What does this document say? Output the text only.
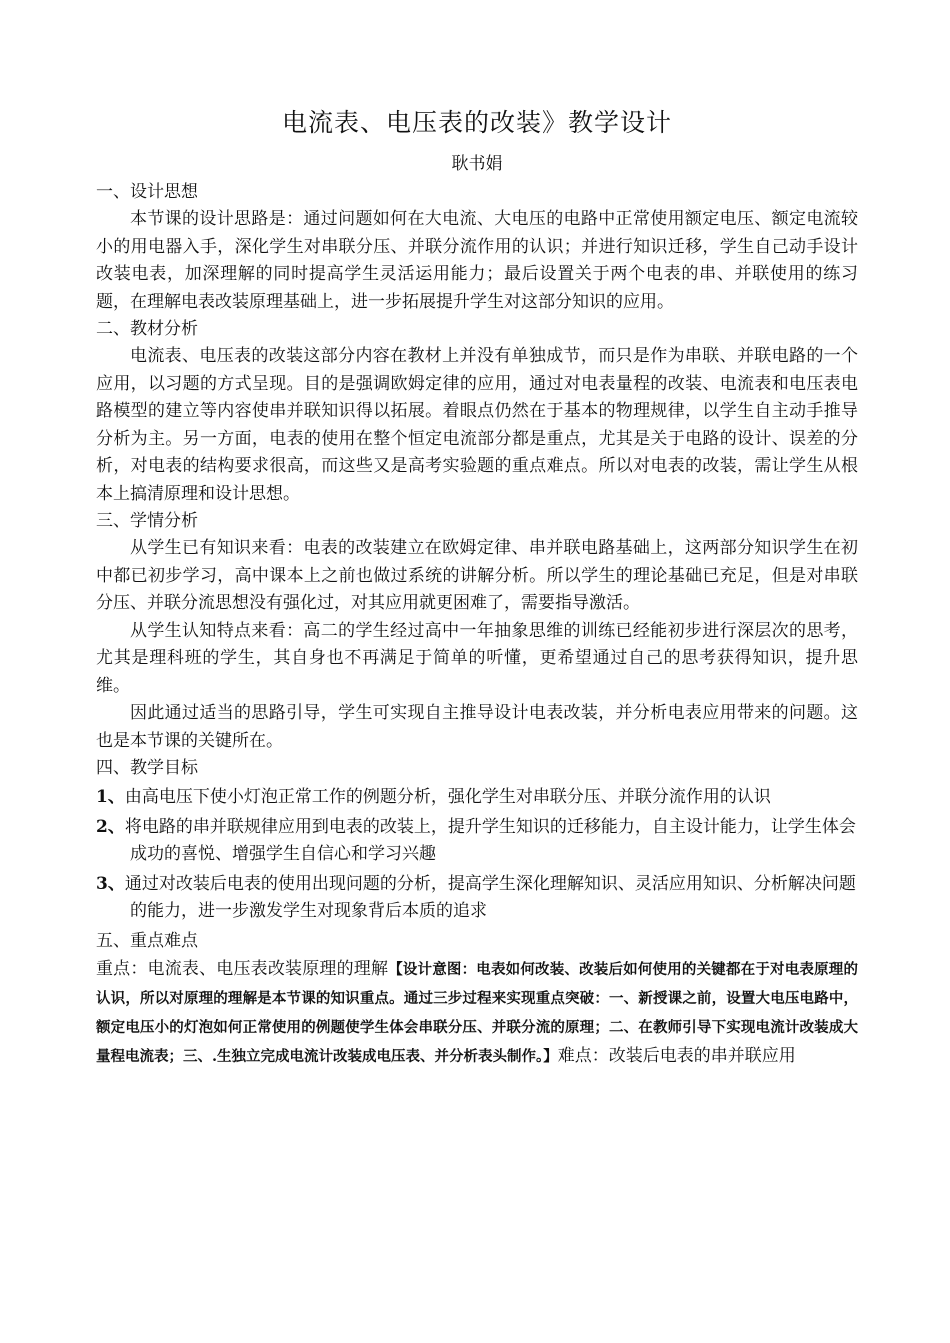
电流表、电压表的改装》教学设计
耿书娟
一、设计思想

本节课的设计思路是：通过问题如何在大电流、大电压的电路中正常使用额定电压、额定电流较小的用电器入手，深化学生对串联分压、并联分流作用的认识；并进行知识迁移，学生自己动手设计改装电表，加深理解的同时提高学生灵活运用能力；最后设置关于两个电表的串、并联使用的练习题，在理解电表改装原理基础上，进一步拓展提升学生对这部分知识的应用。

二、教材分析

电流表、电压表的改装这部分内容在教材上并没有单独成节，而只是作为串联、并联电路的一个应用，以习题的方式呈现。目的是强调欧姆定律的应用，通过对电表量程的改装、电流表和电压表电路模型的建立等内容使串并联知识得以拓展。着眼点仍然在于基本的物理规律，以学生自主动手推导分析为主。另一方面，电表的使用在整个恒定电流部分都是重点，尤其是关于电路的设计、误差的分析，对电表的结构要求很高，而这些又是高考实验题的重点难点。所以对电表的改装，需让学生从根本上搞清原理和设计思想。

三、学情分析

从学生已有知识来看：电表的改装建立在欧姆定律、串并联电路基础上，这两部分知识学生在初中都已初步学习，高中课本上之前也做过系统的讲解分析。所以学生的理论基础已充足，但是对串联分压、并联分流思想没有强化过，对其应用就更困难了，需要指导激活。

从学生认知特点来看：高二的学生经过高中一年抽象思维的训练已经能初步进行深层次的思考，尤其是理科班的学生，其自身也不再满足于简单的听懂，更希望通过自己的思考获得知识，提升思维。

因此通过适当的思路引导，学生可实现自主推导设计电表改装，并分析电表应用带来的问题。这也是本节课的关键所在。

四、教学目标
1、由高电压下使小灯泡正常工作的例题分析，强化学生对串联分压、并联分流作用的认识
2、将电路的串并联规律应用到电表的改装上，提升学生知识的迁移能力，自主设计能力，让学生体会成功的喜悦、增强学生自信心和学习兴趣
3、通过对改装后电表的使用出现问题的分析，提高学生深化理解知识、灵活应用知识、分析解决问题的能力，进一步激发学生对现象背后本质的追求
五、重点难点

重点：电流表、电压表改装原理的理解【设计意图：电表如何改装、改装后如何使用的关键都在于对电表原理的认识，所以对原理的理解是本节课的知识重点。通过三步过程来实现重点突破：一、新授课之前，设置大电压电路中，额定电压小的灯泡如何正常使用的例题使学生体会串联分压、并联分流的原理；二、在教师引导下实现电流计改装成大量程电流表；三、.生独立完成电流计改装成电压表、并分析表头制作。】难点：改装后电表的串并联应用
